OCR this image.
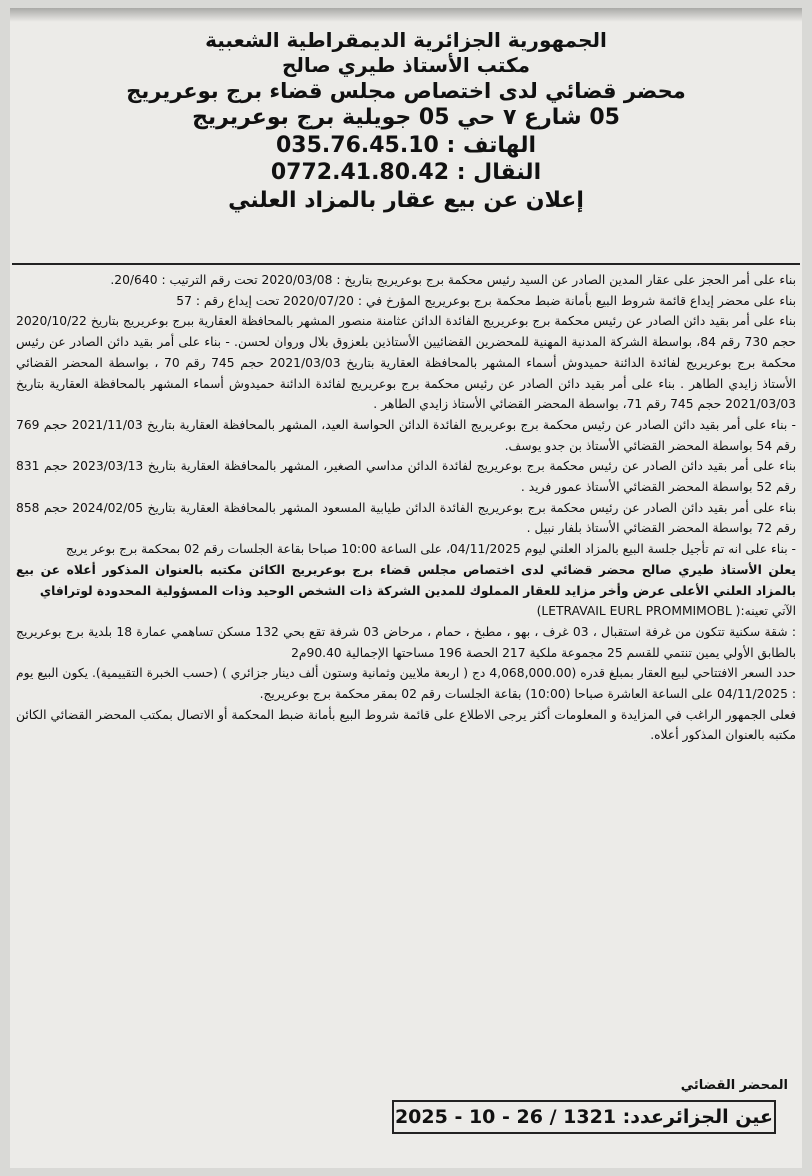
الجمهورية الجزائرية الديمقراطية الشعبية
مكتب الأستاذ طيري صالح
محضر قضائي لدى اختصاص مجلس قضاء برج بوعريريج
05 شارع ٧ حي 05 جويلية برج بوعريريج
الهاتف : 035.76.45.10
النقال : 0772.41.80.42
إعلان عن بيع عقار بالمزاد العلني

بناء على أمر الحجز على عقار المدين الصادر عن السيد رئيس محكمة برج بوعريريج بتاريخ : 2020/03/08 تحت رقم الترتيب : 20/640.

بناء على محضر إيداع قائمة شروط البيع بأمانة ضبط محكمة برج بوعريريج المؤرخ في : 2020/07/20 تحت إيداع رقم : 57

بناء على أمر بقيد دائن الصادر عن رئيس محكمة برج بوعريريج الفائدة الدائن عثامنة منصور المشهر بالمحافظة العقارية ببرج بوعريريج بتاريخ 2020/10/22 حجم 730 رقم 84، بواسطة الشركة المدنية المهنية للمحضرين القضائيين الأستاذين بلعزوق بلال وروان لحسن. - بناء على أمر بقيد دائن الصادر عن رئيس محكمة برج بوعريريج لفائدة الدائنة حميدوش أسماء المشهر بالمحافظة العقارية بتاريخ 2021/03/03 حجم 745 رقم 70 ، بواسطة المحضر القضائي الأستاذ زايدي الطاهر . بناء على أمر بقيد دائن الصادر عن رئيس محكمة برج بوعريريج لفائدة الدائنة حميدوش أسماء المشهر بالمحافظة العقارية بتاريخ 2021/03/03 حجم 745 رقم 71، بواسطة المحضر القضائي الأستاذ زايدي الطاهر .

- بناء على أمر بقيد دائن الصادر عن رئيس محكمة برج بوعريريج الفائدة الدائن الحواسة العيد، المشهر بالمحافظة العقارية بتاريخ 2021/11/03 حجم 769 رقم 54 بواسطة المحضر القضائي الأستاذ بن جدو يوسف.

بناء على أمر بقيد دائن الصادر عن رئيس محكمة برج بوعريريج لفائدة الدائن مداسي الصغير، المشهر بالمحافظة العقارية بتاريخ 2023/03/13 حجم 831 رقم 52 بواسطة المحضر القضائي الأستاذ عمور فريد .

بناء على أمر بقيد دائن الصادر عن رئيس محكمة برج بوعريريج الفائدة الدائن طيابية المسعود المشهر بالمحافظة العقارية بتاريخ 2024/02/05 حجم 858 رقم 72 بواسطة المحضر القضائي الأستاذ بلفار نبيل .

- بناء على انه تم تأجيل جلسة البيع بالمزاد العلني ليوم 04/11/2025، على الساعة 10:00 صباحا بقاعة الجلسات رقم 02 بمحكمة برج بوعر يريج

يعلن الأستاذ طيري صالح محضر قضائي لدى اختصاص مجلس قضاء برج بوعريريج الكائن مكتبه بالعنوان المذكور أعلاه عن بيع بالمزاد العلني الأعلى عرض وأخر مزايد للعقار المملوك للمدين الشركة ذات الشخص الوحيد وذات المسؤولية المحدودة لوترافاي

الآتي تعينه:( LETRAVAIL EURL PROMMIMOBL)

: شقة سكنية تتكون من غرفة استقبال ، 03 غرف ، بهو ، مطبخ ، حمام ، مرحاض 03 شرفة تقع بحي 132 مسكن تساهمي عمارة 18 بلدية برج بوعريريج بالطابق الأولي يمين تنتمي للقسم 25 مجموعة ملكية 217 الحصة 196 مساحتها الإجمالية 90.40م2

حدد السعر الافتتاحي لبيع العقار بمبلغ قدره (4,068,000.00 دج ( اربعة ملايين وثمانية وستون ألف دينار جزائري ) (حسب الخبرة التقييمية). يكون البيع يوم : 04/11/2025 على الساعة العاشرة صباحا (10:00) بقاعة الجلسات رقم 02 بمقر محكمة برج بوعريريج.

فعلى الجمهور الراغب في المزايدة و المعلومات أكثر يرجى الاطلاع على قائمة شروط البيع بأمانة ضبط المحكمة أو الاتصال بمكتب المحضر القضائي الكائن مكتبه بالعنوان المذكور أعلاه.

المحضر القضائي
عين الجزائرعدد: 1321 / 26 - 10 - 2025
